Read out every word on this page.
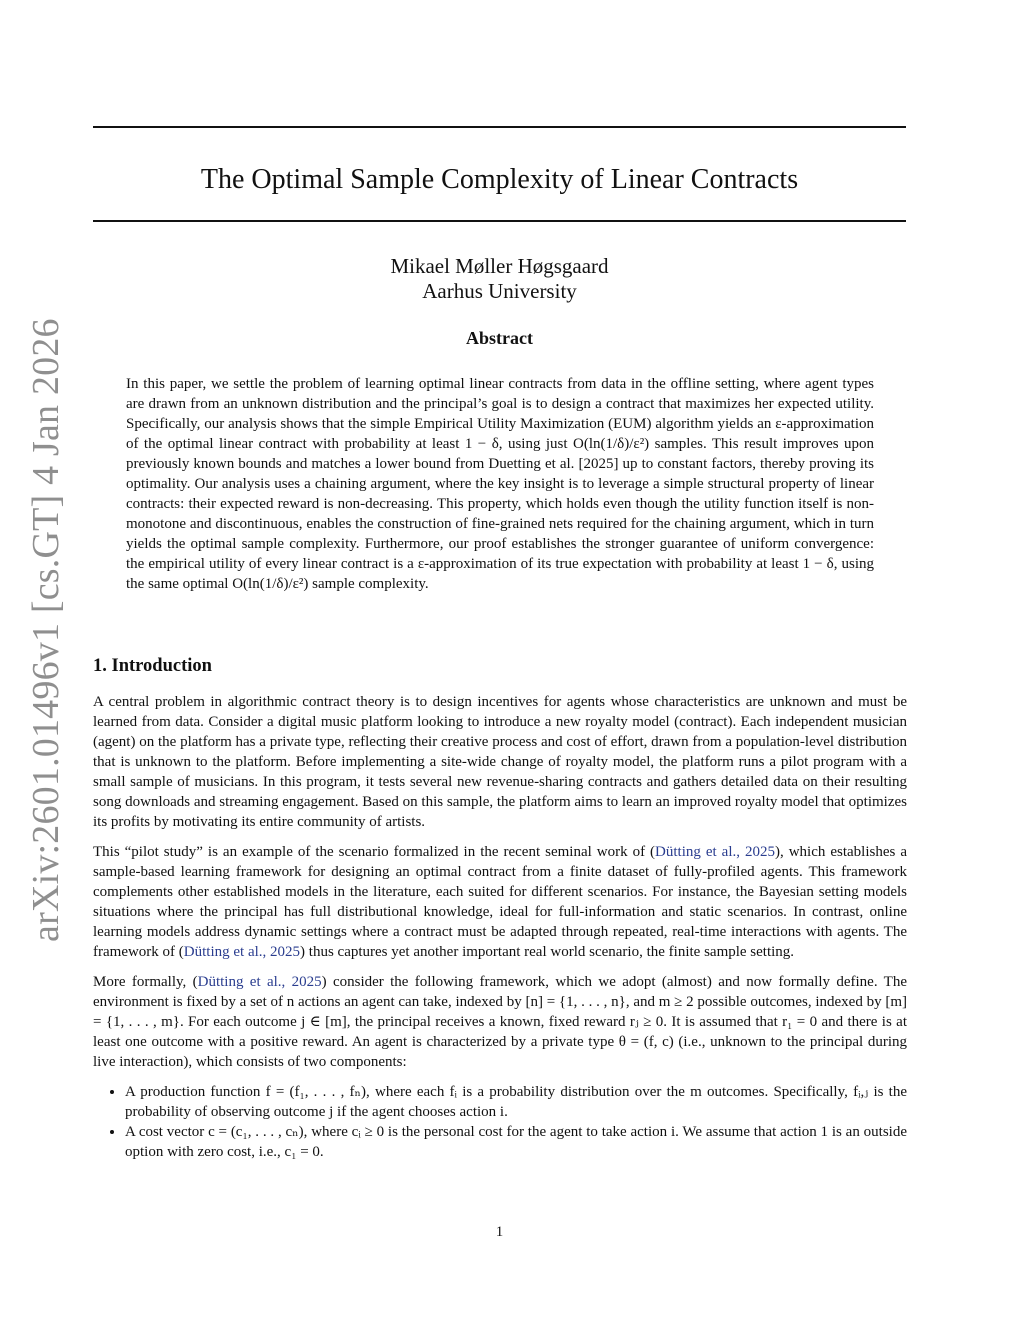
arXiv:2601.01496v1 [cs.GT] 4 Jan 2026
The Optimal Sample Complexity of Linear Contracts
Mikael Møller Høgsgaard
Aarhus University
Abstract
In this paper, we settle the problem of learning optimal linear contracts from data in the offline setting, where agent types are drawn from an unknown distribution and the principal’s goal is to design a contract that maximizes her expected utility. Specifically, our analysis shows that the simple Empirical Utility Maximization (EUM) algorithm yields an ε-approximation of the optimal linear contract with probability at least 1 − δ, using just O(ln(1/δ)/ε²) samples. This result improves upon previously known bounds and matches a lower bound from Duetting et al. [2025] up to constant factors, thereby proving its optimality. Our analysis uses a chaining argument, where the key insight is to leverage a simple structural property of linear contracts: their expected reward is non-decreasing. This property, which holds even though the utility function itself is non-monotone and discontinuous, enables the construction of fine-grained nets required for the chaining argument, which in turn yields the optimal sample complexity. Furthermore, our proof establishes the stronger guarantee of uniform convergence: the empirical utility of every linear contract is a ε-approximation of its true expectation with probability at least 1 − δ, using the same optimal O(ln(1/δ)/ε²) sample complexity.
1. Introduction

A central problem in algorithmic contract theory is to design incentives for agents whose characteristics are unknown and must be learned from data. Consider a digital music platform looking to introduce a new royalty model (contract). Each independent musician (agent) on the platform has a private type, reflecting their creative process and cost of effort, drawn from a population-level distribution that is unknown to the platform. Before implementing a site-wide change of royalty model, the platform runs a pilot program with a small sample of musicians. In this program, it tests several new revenue-sharing contracts and gathers detailed data on their resulting song downloads and streaming engagement. Based on this sample, the platform aims to learn an improved royalty model that optimizes its profits by motivating its entire community of artists.

This “pilot study” is an example of the scenario formalized in the recent seminal work of (Dütting et al., 2025), which establishes a sample-based learning framework for designing an optimal contract from a finite dataset of fully-profiled agents. This framework complements other established models in the literature, each suited for different scenarios. For instance, the Bayesian setting models situations where the principal has full distributional knowledge, ideal for full-information and static scenarios. In contrast, online learning models address dynamic settings where a contract must be adapted through repeated, real-time interactions with agents. The framework of (Dütting et al., 2025) thus captures yet another important real world scenario, the finite sample setting.

More formally, (Dütting et al., 2025) consider the following framework, which we adopt (almost) and now formally define. The environment is fixed by a set of n actions an agent can take, indexed by [n] = {1, . . . , n}, and m ≥ 2 possible outcomes, indexed by [m] = {1, . . . , m}. For each outcome j ∈ [m], the principal receives a known, fixed reward rⱼ ≥ 0. It is assumed that r₁ = 0 and there is at least one outcome with a positive reward. An agent is characterized by a private type θ = (f, c) (i.e., unknown to the principal during live interaction), which consists of two components:

• A production function f = (f₁, . . . , fₙ), where each fᵢ is a probability distribution over the m outcomes. Specifically, fᵢ,ⱼ is the probability of observing outcome j if the agent chooses action i.
• A cost vector c = (c₁, . . . , cₙ), where cᵢ ≥ 0 is the personal cost for the agent to take action i. We assume that action 1 is an outside option with zero cost, i.e., c₁ = 0.
1
